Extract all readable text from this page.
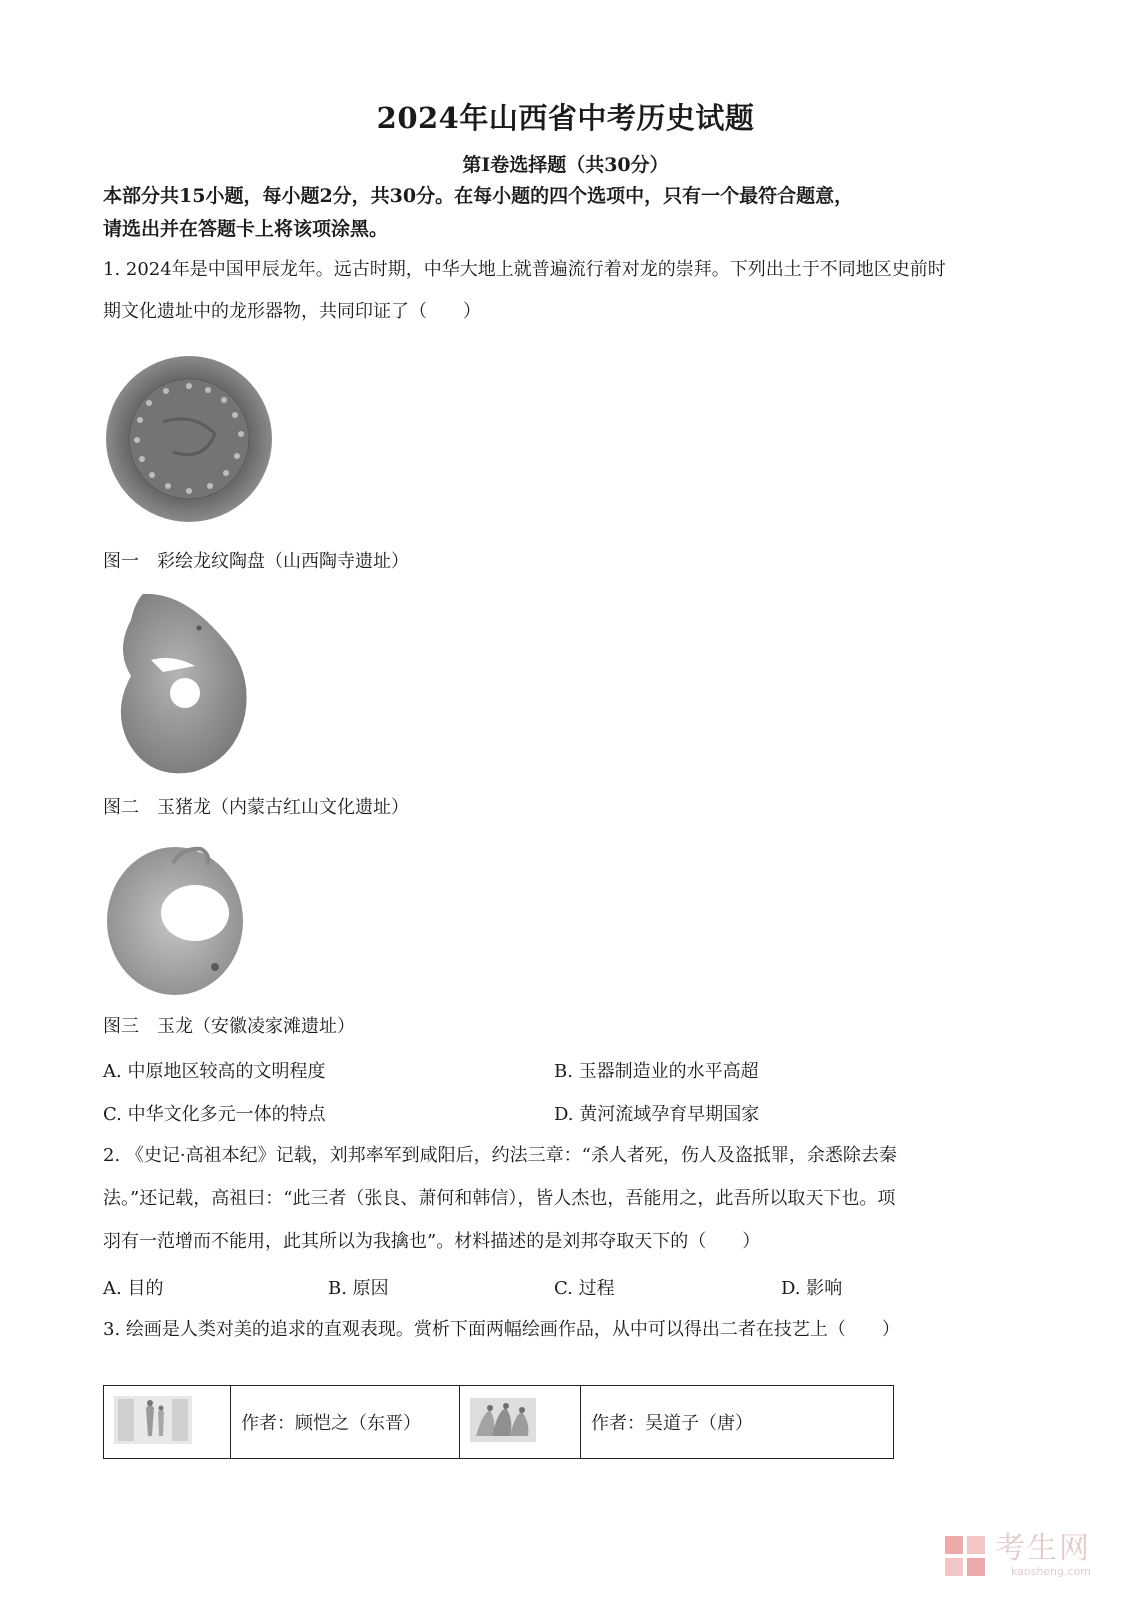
2024年山西省中考历史试题
第Ⅰ卷选择题（共30分）
本部分共15小题，每小题2分，共30分。在每小题的四个选项中，只有一个最符合题意，
请选出并在答题卡上将该项涂黑。
1. 2024年是中国甲辰龙年。远古时期，中华大地上就普遍流行着对龙的崇拜。下列出土于不同地区史前时
期文化遗址中的龙形器物，共同印证了（　　）
图一　彩绘龙纹陶盘（山西陶寺遗址）
图二　玉猪龙（内蒙古红山文化遗址）
图三　玉龙（安徽凌家滩遗址）
A. 中原地区较高的文明程度	B. 玉器制造业的水平高超
C. 中华文化多元一体的特点	D. 黄河流域孕育早期国家
2. 《史记·高祖本纪》记载，刘邦率军到咸阳后，约法三章：“杀人者死，伤人及盗抵罪，余悉除去秦
法。”还记载，高祖曰：“此三者（张良、萧何和韩信），皆人杰也，吾能用之，此吾所以取天下也。项
羽有一范增而不能用，此其所以为我擒也”。材料描述的是刘邦夺取天下的（　　）
A. 目的	B. 原因	C. 过程	D. 影响
3. 绘画是人类对美的追求的直观表现。赏析下面两幅绘画作品，从中可以得出二者在技艺上（　　）
	作者：顾恺之（东晋）		作者：吴道子（唐）
考生网
kaosheng.com
